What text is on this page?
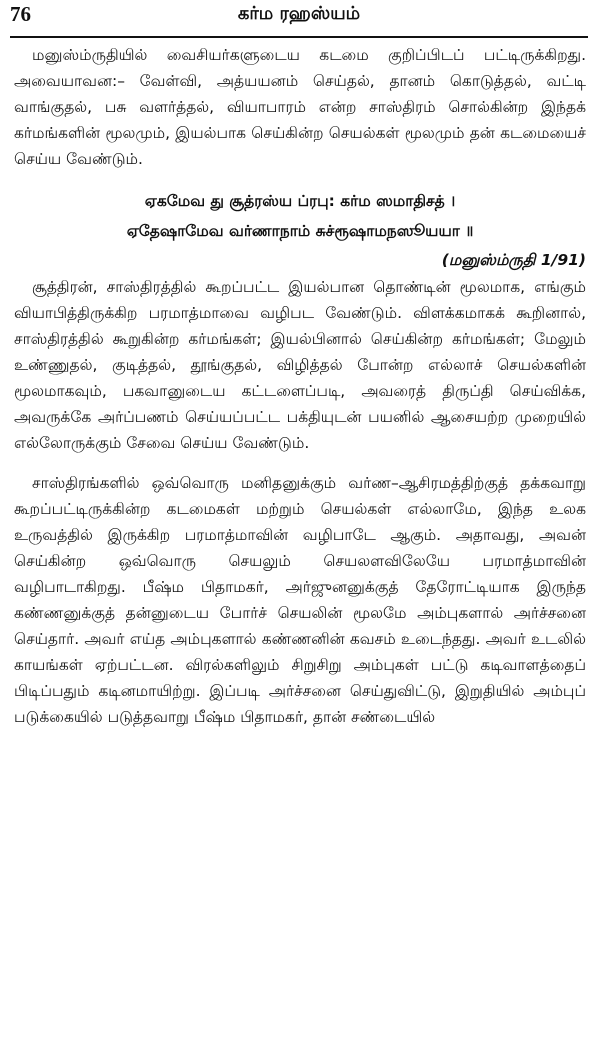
76	கர்ம ரஹஸ்யம்

மனுஸ்ம்ருதியில் வைசியர்களுடைய கடமை குறிப்பிடப் பட்டிருக்கிறது. அவையாவன:– வேள்வி, அத்யயனம் செய்தல், தானம் கொடுத்தல், வட்டி வாங்குதல், பசு வளர்த்தல், வியாபாரம் என்ற சாஸ்திரம் சொல்கின்ற இந்தக் கர்மங்களின் மூலமும், இயல்பாக செய்கின்ற செயல்கள் மூலமும் தன் கடமையைச் செய்ய வேண்டும்.

ஏகமேவ து சூத்ரஸ்ய ப்ரபு: கர்ம ஸமாதிசத் ।
ஏதேஷாமேவ வர்ணாநாம் சுச்ரூஷாமநஸூயயா ॥

(மனுஸ்ம்ருதி 1/91)

சூத்திரன், சாஸ்திரத்தில் கூறப்பட்ட இயல்பான தொண்டின் மூலமாக, எங்கும் வியாபித்திருக்கிற பரமாத்மாவை வழிபட வேண்டும். விளக்கமாகக் கூறினால், சாஸ்திரத்தில் கூறுகின்ற கர்மங்கள்; இயல்பினால் செய்கின்ற கர்மங்கள்; மேலும் உண்ணுதல், குடித்தல், தூங்குதல், விழித்தல் போன்ற எல்லாச் செயல்களின் மூலமாகவும், பகவானுடைய கட்டளைப்படி, அவரைத் திருப்தி செய்விக்க, அவருக்கே அர்ப்பணம் செய்யப்பட்ட பக்தியுடன் பயனில் ஆசையற்ற முறையில் எல்லோருக்கும் சேவை செய்ய வேண்டும்.

சாஸ்திரங்களில் ஒவ்வொரு மனிதனுக்கும் வர்ண–ஆசிரமத்திற்குத் தக்கவாறு கூறப்பட்டிருக்கின்ற கடமைகள் மற்றும் செயல்கள் எல்லாமே, இந்த உலக உருவத்தில் இருக்கிற பரமாத்மாவின் வழிபாடே ஆகும். அதாவது, அவன் செய்கின்ற ஒவ்வொரு செயலும் செயலளவிலேயே பரமாத்மாவின் வழிபாடாகிறது. பீஷ்ம பிதாமகர், அர்ஜுனனுக்குத் தேரோட்டியாக இருந்த கண்ணனுக்குத் தன்னுடைய போர்ச் செயலின் மூலமே அம்புகளால் அர்ச்சனை செய்தார். அவர் எய்த அம்புகளால் கண்ணனின் கவசம் உடைந்தது. அவர் உடலில் காயங்கள் ஏற்பட்டன. விரல்களிலும் சிறுசிறு அம்புகள் பட்டு கடிவாளத்தைப் பிடிப்பதும் கடினமாயிற்று. இப்படி அர்ச்சனை செய்துவிட்டு, இறுதியில் அம்புப் படுக்கையில் படுத்தவாறு பீஷ்ம பிதாமகர், தான் சண்டையில்
